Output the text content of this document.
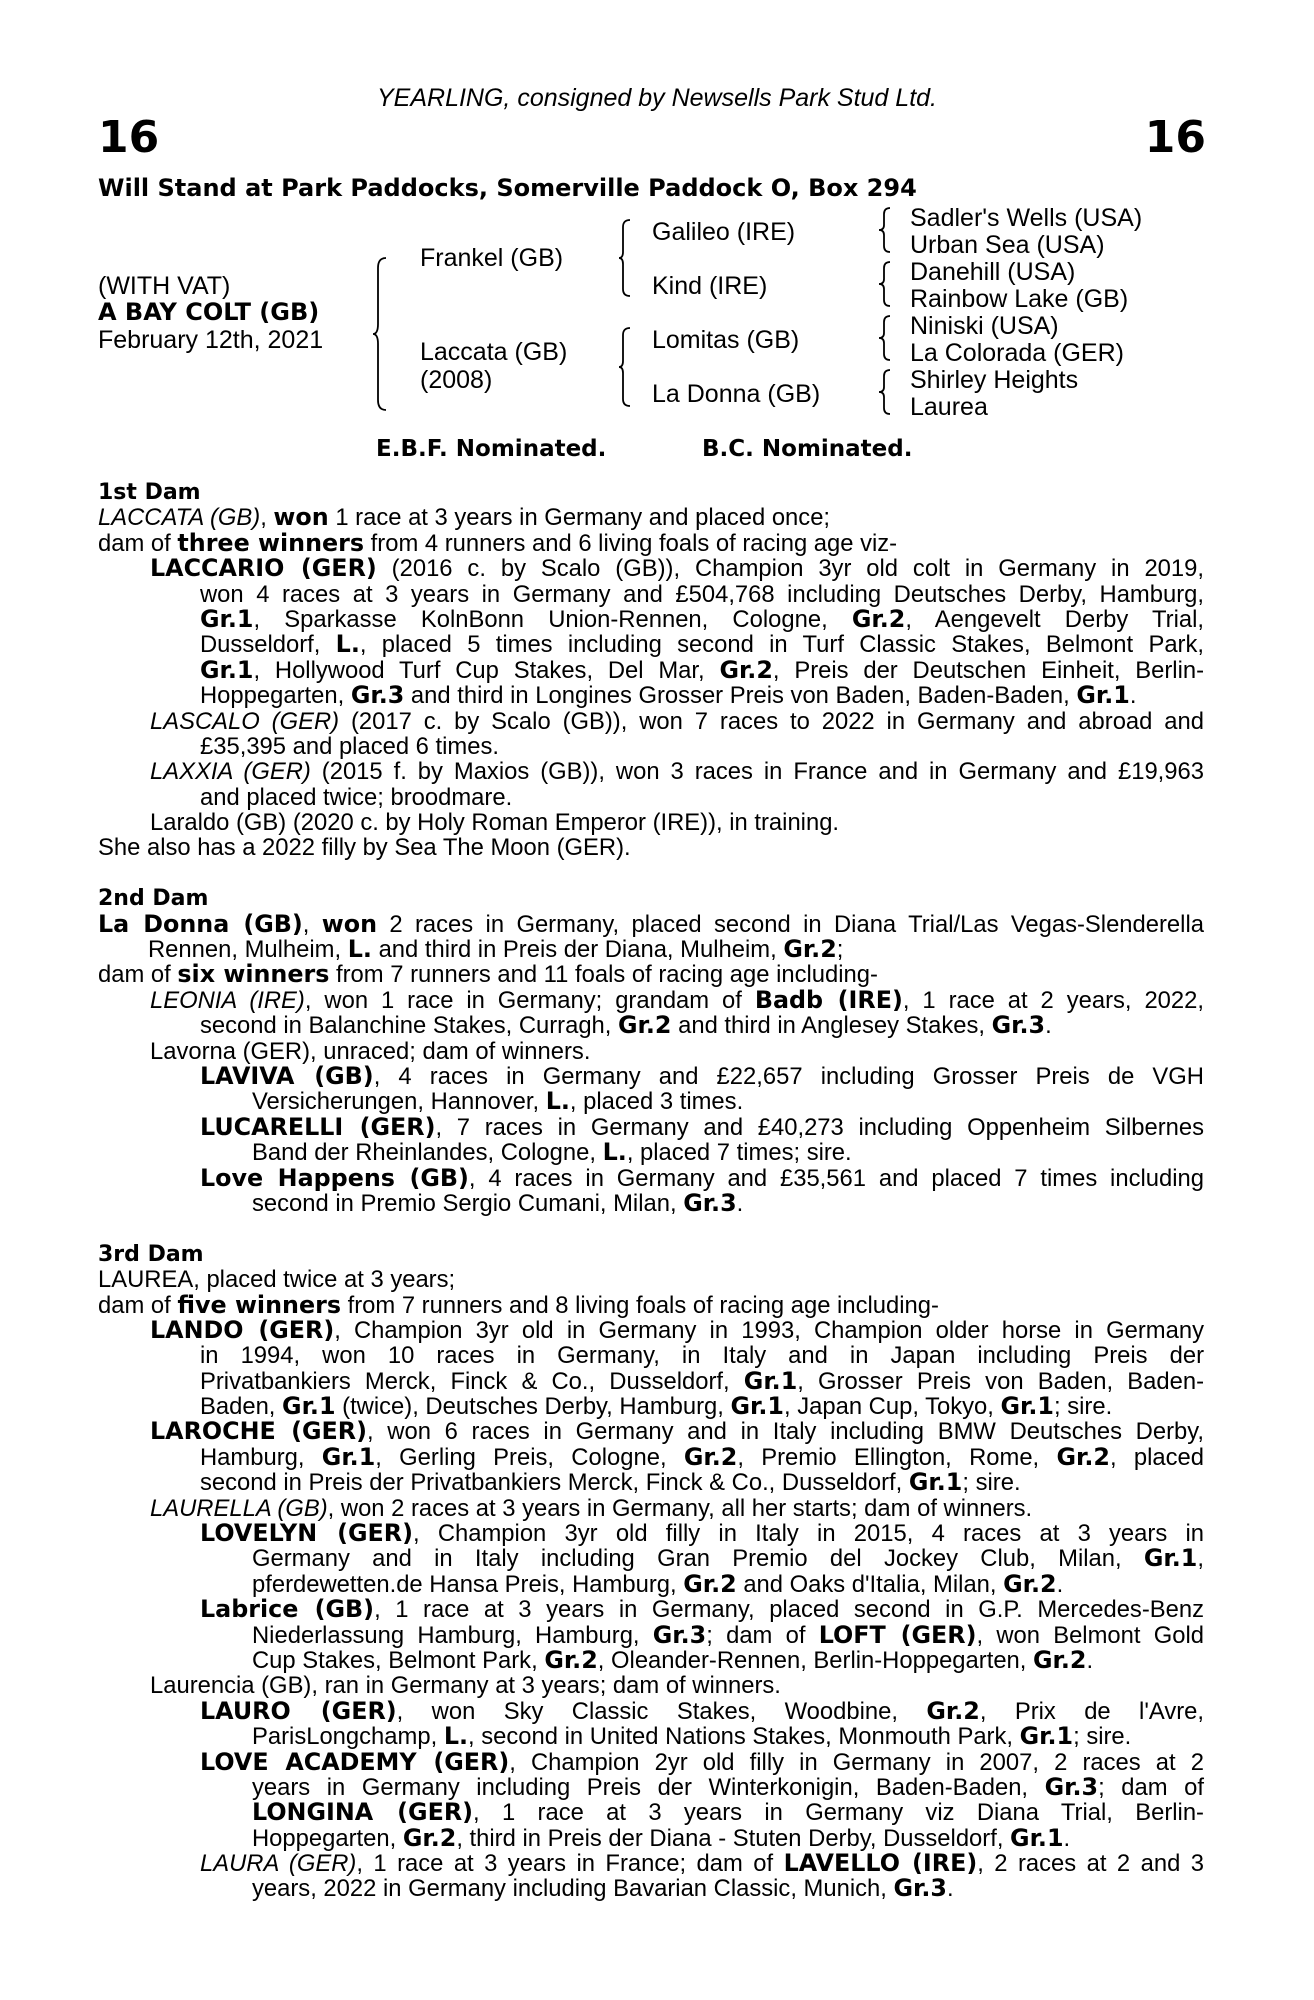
YEARLING, consigned by Newsells Park Stud Ltd.
16	16
Will Stand at Park Paddocks, Somerville Paddock O, Box 294
(WITH VAT)
A BAY COLT (GB)
February 12th, 2021
Frankel (GB)
Laccata (GB)
(2008)
Galileo (IRE)
Kind (IRE)
Lomitas (GB)
La Donna (GB)
Sadler's Wells (USA)
Urban Sea (USA)
Danehill (USA)
Rainbow Lake (GB)
Niniski (USA)
La Colorada (GER)
Shirley Heights
Laurea
E.B.F. Nominated.	B.C. Nominated.
1st Dam
LACCATA (GB), won 1 race at 3 years in Germany and placed once;
dam of three winners from 4 runners and 6 living foals of racing age viz-
LACCARIO (GER) (2016 c. by Scalo (GB)), Champion 3yr old colt in Germany in 2019,
won 4 races at 3 years in Germany and £504,768 including Deutsches Derby, Hamburg,
Gr.1, Sparkasse KolnBonn Union-Rennen, Cologne, Gr.2, Aengevelt Derby Trial,
Dusseldorf, L., placed 5 times including second in Turf Classic Stakes, Belmont Park,
Gr.1, Hollywood Turf Cup Stakes, Del Mar, Gr.2, Preis der Deutschen Einheit, Berlin-
Hoppegarten, Gr.3 and third in Longines Grosser Preis von Baden, Baden-Baden, Gr.1.
LASCALO (GER) (2017 c. by Scalo (GB)), won 7 races to 2022 in Germany and abroad and
£35,395 and placed 6 times.
LAXXIA (GER) (2015 f. by Maxios (GB)), won 3 races in France and in Germany and £19,963
and placed twice; broodmare.
Laraldo (GB) (2020 c. by Holy Roman Emperor (IRE)), in training.
She also has a 2022 filly by Sea The Moon (GER).
2nd Dam
La Donna (GB), won 2 races in Germany, placed second in Diana Trial/Las Vegas-Slenderella
Rennen, Mulheim, L. and third in Preis der Diana, Mulheim, Gr.2;
dam of six winners from 7 runners and 11 foals of racing age including-
LEONIA (IRE), won 1 race in Germany; grandam of Badb (IRE), 1 race at 2 years, 2022,
second in Balanchine Stakes, Curragh, Gr.2 and third in Anglesey Stakes, Gr.3.
Lavorna (GER), unraced; dam of winners.
LAVIVA (GB), 4 races in Germany and £22,657 including Grosser Preis de VGH
Versicherungen, Hannover, L., placed 3 times.
LUCARELLI (GER), 7 races in Germany and £40,273 including Oppenheim Silbernes
Band der Rheinlandes, Cologne, L., placed 7 times; sire.
Love Happens (GB), 4 races in Germany and £35,561 and placed 7 times including
second in Premio Sergio Cumani, Milan, Gr.3.
3rd Dam
LAUREA, placed twice at 3 years;
dam of five winners from 7 runners and 8 living foals of racing age including-
LANDO (GER), Champion 3yr old in Germany in 1993, Champion older horse in Germany
in 1994, won 10 races in Germany, in Italy and in Japan including Preis der
Privatbankiers Merck, Finck & Co., Dusseldorf, Gr.1, Grosser Preis von Baden, Baden-
Baden, Gr.1 (twice), Deutsches Derby, Hamburg, Gr.1, Japan Cup, Tokyo, Gr.1; sire.
LAROCHE (GER), won 6 races in Germany and in Italy including BMW Deutsches Derby,
Hamburg, Gr.1, Gerling Preis, Cologne, Gr.2, Premio Ellington, Rome, Gr.2, placed
second in Preis der Privatbankiers Merck, Finck & Co., Dusseldorf, Gr.1; sire.
LAURELLA (GB), won 2 races at 3 years in Germany, all her starts; dam of winners.
LOVELYN (GER), Champion 3yr old filly in Italy in 2015, 4 races at 3 years in
Germany and in Italy including Gran Premio del Jockey Club, Milan, Gr.1,
pferdewetten.de Hansa Preis, Hamburg, Gr.2 and Oaks d'Italia, Milan, Gr.2.
Labrice (GB), 1 race at 3 years in Germany, placed second in G.P. Mercedes-Benz
Niederlassung Hamburg, Hamburg, Gr.3; dam of LOFT (GER), won Belmont Gold
Cup Stakes, Belmont Park, Gr.2, Oleander-Rennen, Berlin-Hoppegarten, Gr.2.
Laurencia (GB), ran in Germany at 3 years; dam of winners.
LAURO (GER), won Sky Classic Stakes, Woodbine, Gr.2, Prix de l'Avre,
ParisLongchamp, L., second in United Nations Stakes, Monmouth Park, Gr.1; sire.
LOVE ACADEMY (GER), Champion 2yr old filly in Germany in 2007, 2 races at 2
years in Germany including Preis der Winterkonigin, Baden-Baden, Gr.3; dam of
LONGINA (GER), 1 race at 3 years in Germany viz Diana Trial, Berlin-
Hoppegarten, Gr.2, third in Preis der Diana - Stuten Derby, Dusseldorf, Gr.1.
LAURA (GER), 1 race at 3 years in France; dam of LAVELLO (IRE), 2 races at 2 and 3
years, 2022 in Germany including Bavarian Classic, Munich, Gr.3.
